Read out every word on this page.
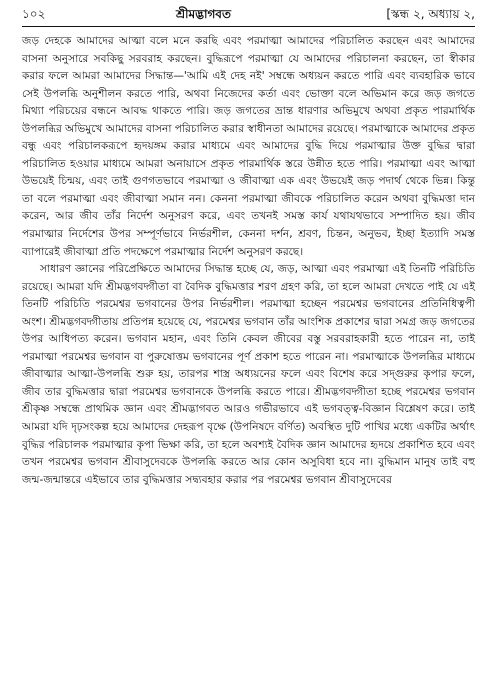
১০২	শ্রীমদ্ভাগবত	[স্কন্ধ ২, অধ্যায় ২,

জড় দেহকে আমাদের আত্মা বলে মনে করছি এবং পরমাত্মা আমাদের পরিচালিত করছেন এবং আমাদের বাসনা অনুসারে সবকিছু সরবরাহ করছেন। বুদ্ধিরূপে পরমাত্মা যে আমাদের পরিচালনা করছেন, তা স্বীকার করার ফলে আমরা আমাদের সিদ্ধান্ত—'আমি এই দেহ নই' সম্বন্ধে অধ্যয়ন করতে পারি এবং ব্যবহারিক ভাবে সেই উপলব্ধি অনুশীলন করতে পারি, অথবা নিজেদের কর্তা এবং ভোক্তা বলে অভিমান করে জড় জগতে মিথ্যা পরিচয়ের বন্ধনে আবদ্ধ থাকতে পারি। জড় জগতের ভ্রান্ত ধারণার অভিমুখে অথবা প্রকৃত পারমার্থিক উপলব্ধির অভিমুখে আমাদের বাসনা পরিচালিত করার স্বাধীনতা আমাদের রয়েছে। পরমাত্মাকে আমাদের প্রকৃত বন্ধু এবং পরিচালকরূপে হৃদয়ঙ্গম করার মাধ্যমে এবং আমাদের বুদ্ধি দিয়ে পরমাত্মার উক্ত বুদ্ধির দ্বারা পরিচালিত হওয়ার মাধ্যমে আমরা অনায়াসে প্রকৃত পারমার্থিক স্তরে উন্নীত হতে পারি। পরমাত্মা এবং আত্মা উভয়েই চিন্ময়, এবং তাই গুণগতভাবে পরমাত্মা ও জীবাত্মা এক এবং উভয়েই জড় পদার্থ থেকে ভিন্ন। কিন্তু তা বলে পরমাত্মা এবং জীবাত্মা সমান নন। কেননা পরমাত্মা জীবকে পরিচালিত করেন অথবা বুদ্ধিমত্তা দান করেন, আর জীব তাঁর নির্দেশ অনুসরণ করে, এবং তখনই সমস্ত কার্য যথাযথভাবে সম্পাদিত হয়। জীব পরমাত্মার নির্দেশের উপর সম্পূর্ণভাবে নির্ভরশীল, কেননা দর্শন, শ্রবণ, চিন্তন, অনুভব, ইচ্ছা ইত্যাদি সমস্ত ব্যাপারেই জীবাত্মা প্রতি পদক্ষেপে পরমাত্মার নির্দেশ অনুসরণ করছে।

সাধারণ জ্ঞানের পরিপ্রেক্ষিতে আমাদের সিদ্ধান্ত হচ্ছে যে, জড়, আত্মা এবং পরমাত্মা এই তিনটি পরিচিতি রয়েছে। আমরা যদি শ্রীমদ্ভগবদ্গীতা বা বৈদিক বুদ্ধিমত্তার শরণ গ্রহণ করি, তা হলে আমরা দেখতে পাই যে এই তিনটি পরিচিতি পরমেশ্বর ভগবানের উপর নির্ভরশীল। পরমাত্মা হচ্ছেন পরমেশ্বর ভগবানের প্রতিনিধিত্বপী অংশ। শ্রীমদ্ভগবদ্গীতায় প্রতিপন্ন হয়েছে যে, পরমেশ্বর ভগবান তাঁর আংশিক প্রকাশের দ্বারা সমগ্র জড় জগতের উপর আধিপত্য করেন। ভগবান মহান, এবং তিনি কেবল জীবের বস্তু সরবরাহকারী হতে পারেন না, তাই পরমাত্মা পরমেশ্বর ভগবান বা পুরুষোত্তম ভগবানের পূর্ণ প্রকাশ হতে পারেন না। পরমাত্মাকে উপলব্ধির মাধ্যমে জীবাত্মার আত্মা-উপলব্ধি শুরু হয়, তারপর শাস্ত্র অধ্যয়নের ফলে এবং বিশেষ করে সদ্গুরুর কৃপার ফলে, জীব তার বুদ্ধিমত্তার দ্বারা পরমেশ্বর ভগবানকে উপলব্ধি করতে পারে। শ্রীমদ্ভগবদ্গীতা হচ্ছে পরমেশ্বর ভগবান শ্রীকৃষ্ণ সম্বন্ধে প্রাথমিক জ্ঞান এবং শ্রীমদ্ভাগবত আরও গভীরভাবে এই ভগবত্ত্ব-বিজ্ঞান বিশ্লেষণ করে। তাই আমরা যদি দৃঢ়সংকল্প হয়ে আমাদের দেহরূপ বৃক্ষে (উপনিষদে বর্ণিত) অবস্থিত দুটি পাখির মধ্যে একটির অর্থাৎ বুদ্ধির পরিচালক পরমাত্মার কৃপা ভিক্ষা করি, তা হলে অবশ্যই বৈদিক জ্ঞান আমাদের হৃদয়ে প্রকাশিত হবে এবং তখন পরমেশ্বর ভগবান শ্রীবাসুদেবকে উপলব্ধি করতে আর কোন অসুবিধা হবে না। বুদ্ধিমান মানুষ তাই বহু জন্ম-জন্মান্তরে এইভাবে তার বুদ্ধিমত্তার সদ্ব্যবহার করার পর পরমেশ্বর ভগবান শ্রীবাসুদেবের
